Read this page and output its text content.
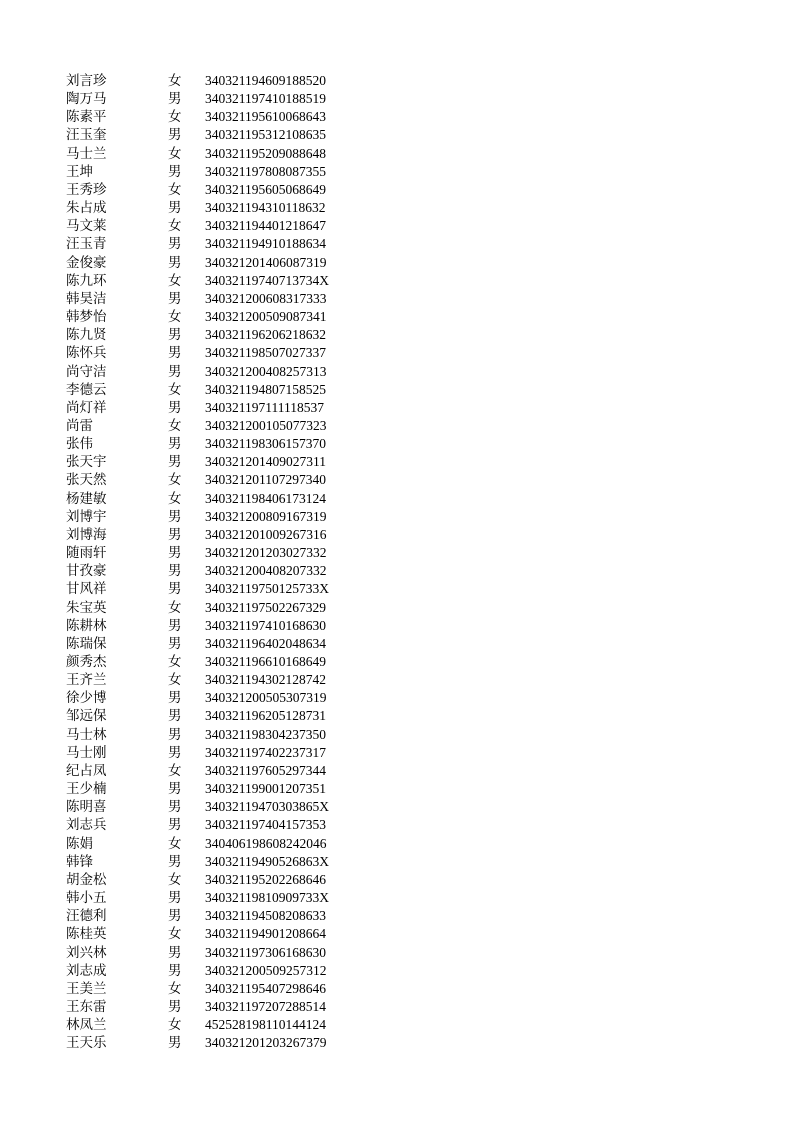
刘言珍	女	340321194609188520
陶万马	男	340321197410188519
陈素平	女	340321195610068643
汪玉奎	男	340321195312108635
马士兰	女	340321195209088648
王坤	男	340321197808087355
王秀珍	女	340321195605068649
朱占成	男	340321194310118632
马文莱	女	340321194401218647
汪玉青	男	340321194910188634
金俊豪	男	340321201406087319
陈九环	女	34032119740713734X
韩昊洁	男	340321200608317333
韩梦怡	女	340321200509087341
陈九贤	男	340321196206218632
陈怀兵	男	340321198507027337
尚守洁	男	340321200408257313
李德云	女	340321194807158525
尚灯祥	男	340321197111118537
尚雷	女	340321200105077323
张伟	男	340321198306157370
张天宇	男	340321201409027311
张天然	女	340321201107297340
杨建敏	女	340321198406173124
刘博宇	男	340321200809167319
刘博海	男	340321201009267316
随雨轩	男	340321201203027332
甘孜豪	男	340321200408207332
甘风祥	男	34032119750125733X
朱宝英	女	340321197502267329
陈耕林	男	340321197410168630
陈瑞保	男	340321196402048634
颜秀杰	女	340321196610168649
王齐兰	女	340321194302128742
徐少博	男	340321200505307319
邹远保	男	340321196205128731
马士林	男	340321198304237350
马士刚	男	340321197402237317
纪占凤	女	340321197605297344
王少楠	男	340321199001207351
陈明喜	男	34032119470303865X
刘志兵	男	340321197404157353
陈娟	女	340406198608242046
韩锋	男	34032119490526863X
胡金松	女	340321195202268646
韩小五	男	34032119810909733X
汪德利	男	340321194508208633
陈桂英	女	340321194901208664
刘兴林	男	340321197306168630
刘志成	男	340321200509257312
王美兰	女	340321195407298646
王东雷	男	340321197207288514
林凤兰	女	452528198110144124
王天乐	男	340321201203267379
